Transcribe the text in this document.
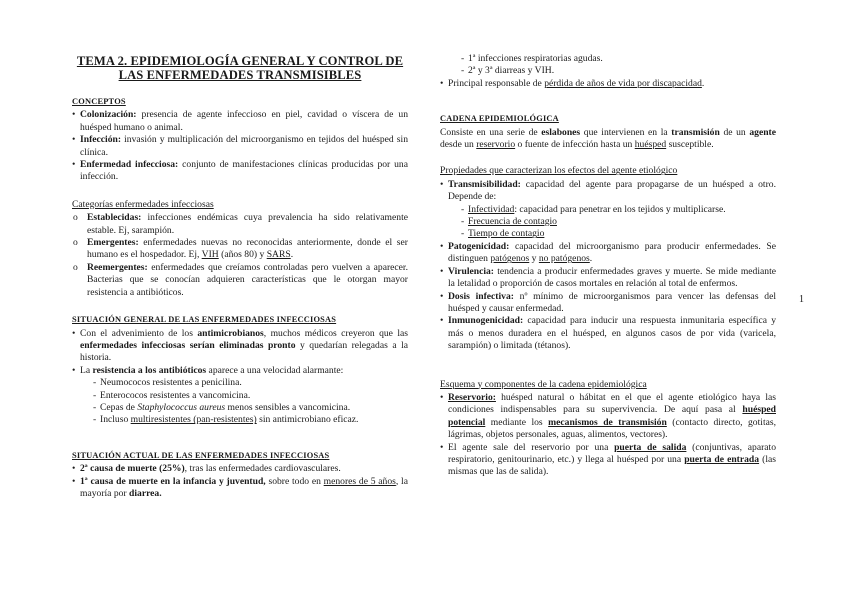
TEMA 2. EPIDEMIOLOGÍA GENERAL Y CONTROL DE LAS ENFERMEDADES TRANSMISIBLES
CONCEPTOS
• Colonización: presencia de agente infeccioso en piel, cavidad o víscera de un huésped humano o animal.
• Infección: invasión y multiplicación del microorganismo en tejidos del huésped sin clínica.
• Enfermedad infecciosa: conjunto de manifestaciones clínicas producidas por una infección.
Categorías enfermedades infecciosas
o Establecidas: infecciones endémicas cuya prevalencia ha sido relativamente estable. Ej, sarampión.
o Emergentes: enfermedades nuevas no reconocidas anteriormente, donde el ser humano es el hospedador. Ej, VIH (años 80) y SARS.
o Reemergentes: enfermedades que creíamos controladas pero vuelven a aparecer. Bacterias que se conocían adquieren características que le otorgan mayor resistencia a antibióticos.
SITUACIÓN GENERAL DE LAS ENFERMEDADES INFECCIOSAS
• Con el advenimiento de los antimicrobianos, muchos médicos creyeron que las enfermedades infecciosas serían eliminadas pronto y quedarían relegadas a la historia.
• La resistencia a los antibióticos aparece a una velocidad alarmante:
- Neumococos resistentes a penicilina.
- Enterococos resistentes a vancomicina.
- Cepas de Staphylococcus aureus menos sensibles a vancomicina.
- Incluso multiresistentes (pan-resistentes) sin antimicrobiano eficaz.
SITUACIÓN ACTUAL DE LAS ENFERMEDADES INFECCIOSAS
• 2ª causa de muerte (25%), tras las enfermedades cardiovasculares.
• 1ª causa de muerte en la infancia y juventud, sobre todo en menores de 5 años, la mayoría por diarrea.
- 1ª infecciones respiratorias agudas.
- 2ª y 3ª diarreas y VIH.
• Principal responsable de pérdida de años de vida por discapacidad.
CADENA EPIDEMIOLÓGICA

Consiste en una serie de eslabones que intervienen en la transmisión de un agente desde un reservorio o fuente de infección hasta un huésped susceptible.

Propiedades que caracterizan los efectos del agente etiológico
• Transmisibilidad: capacidad del agente para propagarse de un huésped a otro. Depende de:
- Infectividad: capacidad para penetrar en los tejidos y multiplicarse.
- Frecuencia de contagio
- Tiempo de contagio
• Patogenicidad: capacidad del microorganismo para producir enfermedades. Se distinguen patógenos y no patógenos.
• Virulencia: tendencia a producir enfermedades graves y muerte. Se mide mediante la letalidad o proporción de casos mortales en relación al total de enfermos.
• Dosis infectiva: nº mínimo de microorganismos para vencer las defensas del huésped y causar enfermedad.
• Inmunogenicidad: capacidad para inducir una respuesta inmunitaria específica y más o menos duradera en el huésped, en algunos casos de por vida (varicela, sarampión) o limitada (tétanos).
Esquema y componentes de la cadena epidemiológica
• Reservorio: huésped natural o hábitat en el que el agente etiológico haya las condiciones indispensables para su supervivencia. De aquí pasa al huésped potencial mediante los mecanismos de transmisión (contacto directo, gotitas, lágrimas, objetos personales, aguas, alimentos, vectores).
• El agente sale del reservorio por una puerta de salida (conjuntivas, aparato respiratorio, genitourinario, etc.) y llega al huésped por una puerta de entrada (las mismas que las de salida).
1
